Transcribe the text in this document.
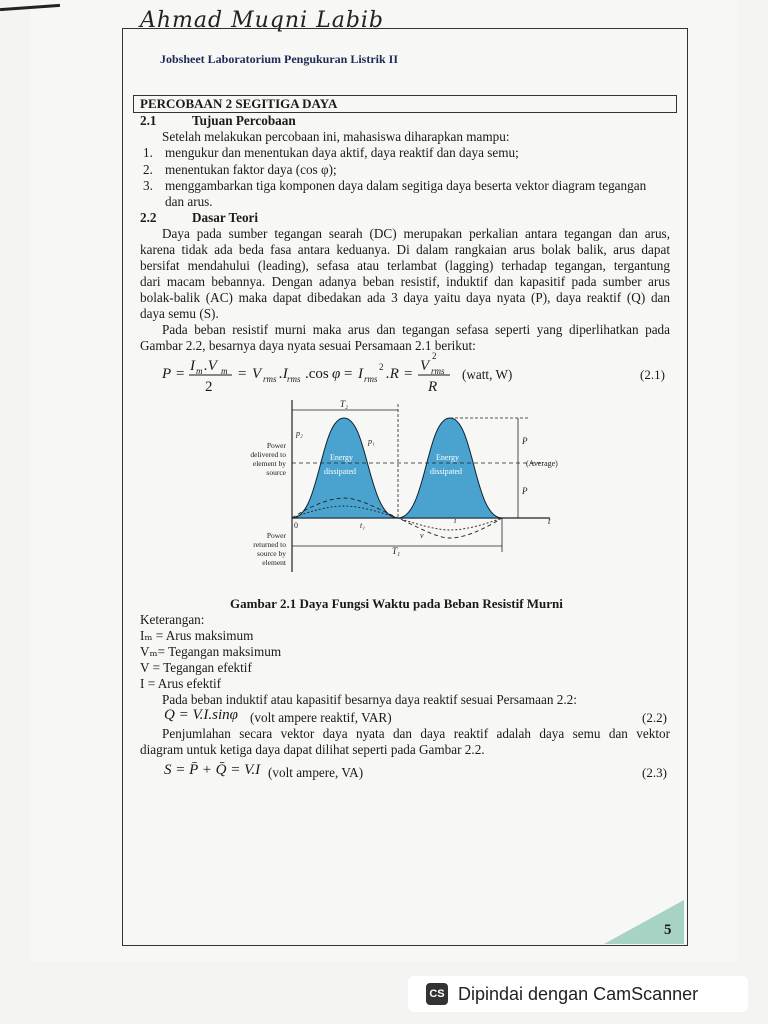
Ahmad Muqni Labib
Jobsheet Laboratorium Pengukuran Listrik II
PERCOBAAN 2 SEGITIGA DAYA
2.1	Tujuan Percobaan
Setelah melakukan percobaan ini, mahasiswa diharapkan mampu:
1. mengukur dan menentukan daya aktif, daya reaktif dan daya semu;
2. menentukan faktor daya (cos φ);
3. menggambarkan tiga komponen daya dalam segitiga daya beserta vektor diagram tegangan
dan arus.
2.2	Dasar Teori
Daya pada sumber tegangan searah (DC) merupakan perkalian antara tegangan dan arus,
karena tidak ada beda fasa antara keduanya. Di dalam rangkaian arus bolak balik, arus dapat
bersifat mendahului (leading), sefasa atau terlambat (lagging) terhadap tegangan, tergantung
dari macam bebannya. Dengan adanya beban resistif, induktif dan kapasitif pada sumber arus
bolak-balik (AC) maka dapat dibedakan ada 3 daya yaitu daya nyata (P), daya reaktif (Q) dan
daya semu (S).
Pada beban resistif murni maka arus dan tegangan sefasa seperti yang diperlihatkan pada
Gambar 2.2, besarnya daya nyata sesuai Persamaan 2.1 berikut:
P = I m .V m
2
= V rms .I rms .cos φ = I rms
2 .R = V rms
2
R
(watt, W)	(2.1)
T₂
(Average)
P
P
Energy
dissipated
Energy
dissipated
p₂
p₁
0	t₁	t
i
v
T₁
Power
delivered to
element by
source
Power
returned to
source by
element
Gambar 2.1 Daya Fungsi Waktu pada Beban Resistif Murni
Keterangan:
Iₘ = Arus maksimum
Vₘ= Tegangan maksimum
V = Tegangan efektif
I = Arus efektif
Pada beban induktif atau kapasitif besarnya daya reaktif sesuai Persamaan 2.2:
Q = V.I.sinφ (volt ampere reaktif, VAR)	(2.2)
Penjumlahan secara vektor daya nyata dan daya reaktif adalah daya semu dan vektor
diagram untuk ketiga daya dapat dilihat seperti pada Gambar 2.2.
S = P̄ + Q̄ = V.I (volt ampere, VA)	(2.3)
5
CS Dipindai dengan CamScanner
